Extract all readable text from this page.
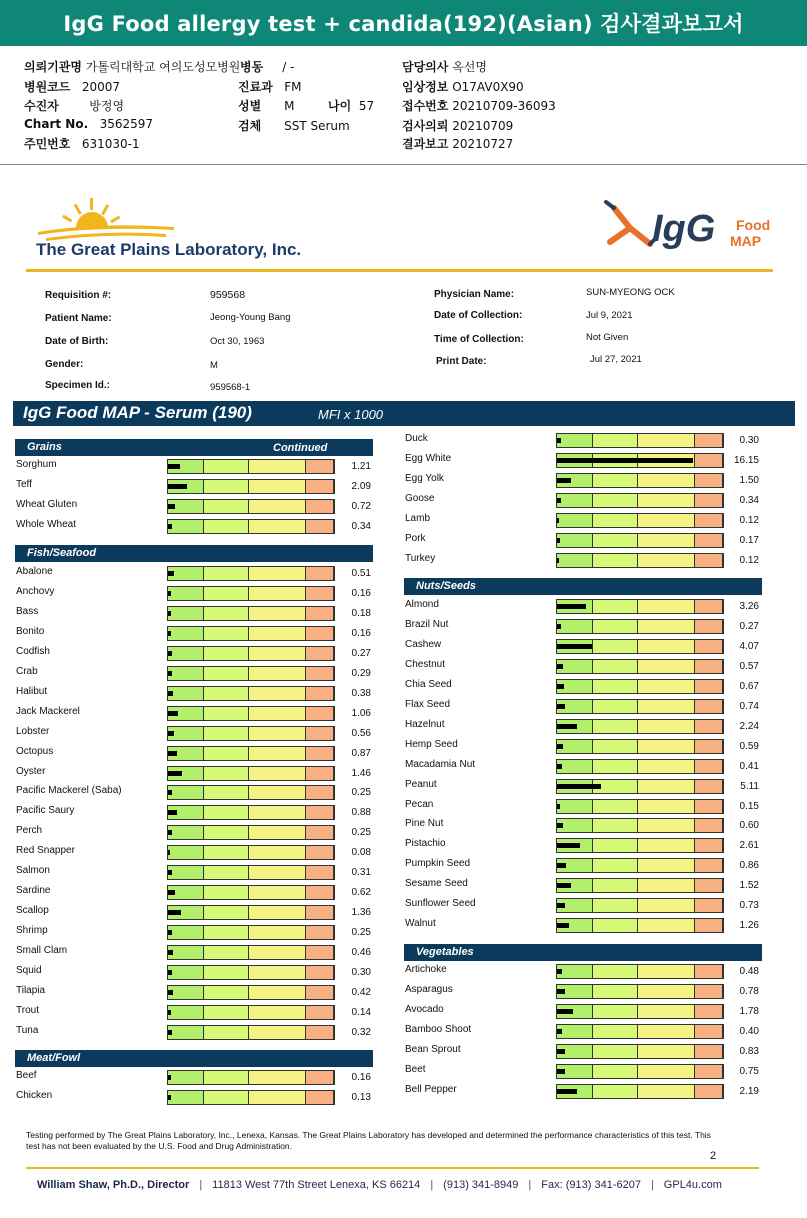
IgG Food allergy test + candida(192)(Asian) 검사결과보고서
의뢰기관명 가톨릭대학교 여의도성모병원
병원코드 20007
수진자	방정영
Chart No. 3562597
주민번호 631030-1
병동 / -
진료과 FM
성별 M	나이 57
검체 SST Serum
담당의사 옥선명
임상정보 O17AV0X90
접수번호 20210709-36093
검사의뢰 20210709
결과보고 20210727
The Great Plains Laboratory, Inc.	IgG Food
MAP
Requisition #:	959568
Patient Name:	Jeong-Young Bang
Date of Birth:	Oct 30, 1963
Gender:	M
Specimen Id.:	959568-1
Physician Name:	SUN-MYEONG OCK
Date of Collection:	Jul 9, 2021
Time of Collection:	Not Given
Print Date:	Jul 27, 2021
IgG Food MAP - Serum (190)	MFI x 1000
Grains	Continued
Sorghum	1.21
Teff	2.09
Wheat Gluten	0.72
Whole Wheat	0.34
Fish/Seafood
Abalone	0.51
Anchovy	0.16
Bass	0.18
Bonito	0.16
Codfish	0.27
Crab	0.29
Halibut	0.38
Jack Mackerel	1.06
Lobster	0.56
Octopus	0.87
Oyster	1.46
Pacific Mackerel (Saba)	0.25
Pacific Saury	0.88
Perch	0.25
Red Snapper	0.08
Salmon	0.31
Sardine	0.62
Scallop	1.36
Shrimp	0.25
Small Clam	0.46
Squid	0.30
Tilapia	0.42
Trout	0.14
Tuna	0.32
Meat/Fowl
Beef	0.16
Chicken	0.13
Duck	0.30
Egg White	16.15
Egg Yolk	1.50
Goose	0.34
Lamb	0.12
Pork	0.17
Turkey	0.12
Nuts/Seeds
Almond	3.26
Brazil Nut	0.27
Cashew	4.07
Chestnut	0.57
Chia Seed	0.67
Flax Seed	0.74
Hazelnut	2.24
Hemp Seed	0.59
Macadamia Nut	0.41
Peanut	5.11
Pecan	0.15
Pine Nut	0.60
Pistachio	2.61
Pumpkin Seed	0.86
Sesame Seed	1.52
Sunflower Seed	0.73
Walnut	1.26
Vegetables
Artichoke	0.48
Asparagus	0.78
Avocado	1.78
Bamboo Shoot	0.40
Bean Sprout	0.83
Beet	0.75
Bell Pepper	2.19
Testing performed by The Great Plains Laboratory, Inc., Lenexa, Kansas. The Great Plains Laboratory has developed and determined the performance characteristics of this test. This test has not been evaluated by the U.S. Food and Drug Administration.
2
William Shaw, Ph.D., Director | 11813 West 77th Street Lenexa, KS 66214 | (913) 341-8949 | Fax: (913) 341-6207 | GPL4u.com
